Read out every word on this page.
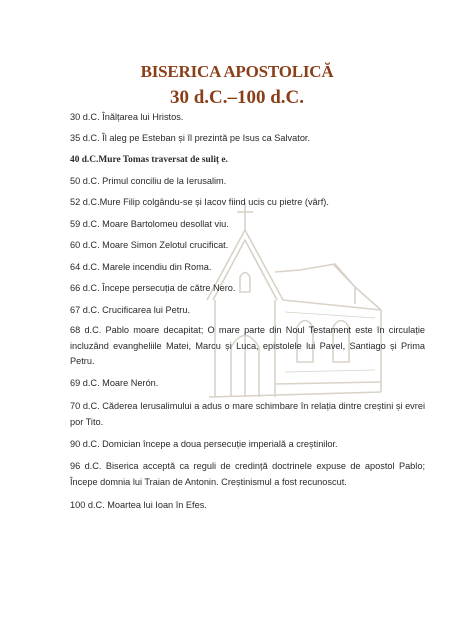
BISERICA APOSTOLICĂ
30 d.C.–100 d.C.
30 d.C. Înălțarea lui Hristos.
35 d.C. Îl aleg pe Esteban și îl prezintă pe Isus ca Salvator.
40 d.C.Mure Tomas traversat de suliț e.
50 d.C. Primul conciliu de la Ierusalim.
52 d.C.Mure Filip colgându-se și Iacov fiind ucis cu pietre (vârf).
59 d.C. Moare Bartolomeu desollat viu.
60 d.C. Moare Simon Zelotul crucificat.
64 d.C. Marele incendiu din Roma.
66 d.C. Începe persecuția de către Nero.
67 d.C. Crucificarea lui Petru.
68 d.C. Pablo moare decapitat; O mare parte din Noul Testament este în circulație incluzând evangheliile Matei, Marcu și Luca, epistolele lui Pavel, Santiago și Prima Petru.
69 d.C. Moare Nerón.
70 d.C. Căderea Ierusalimului a adus o mare schimbare în relația dintre creștini și evrei por Tito.
90 d.C. Domician începe a doua persecuție imperială a creștinilor.
96 d.C. Biserica acceptă ca reguli de credință doctrinele expuse de apostol Pablo; Începe domnia lui Traian de Antonin. Creștinismul a fost recunoscut.
100 d.C. Moartea lui Ioan în Efes.
